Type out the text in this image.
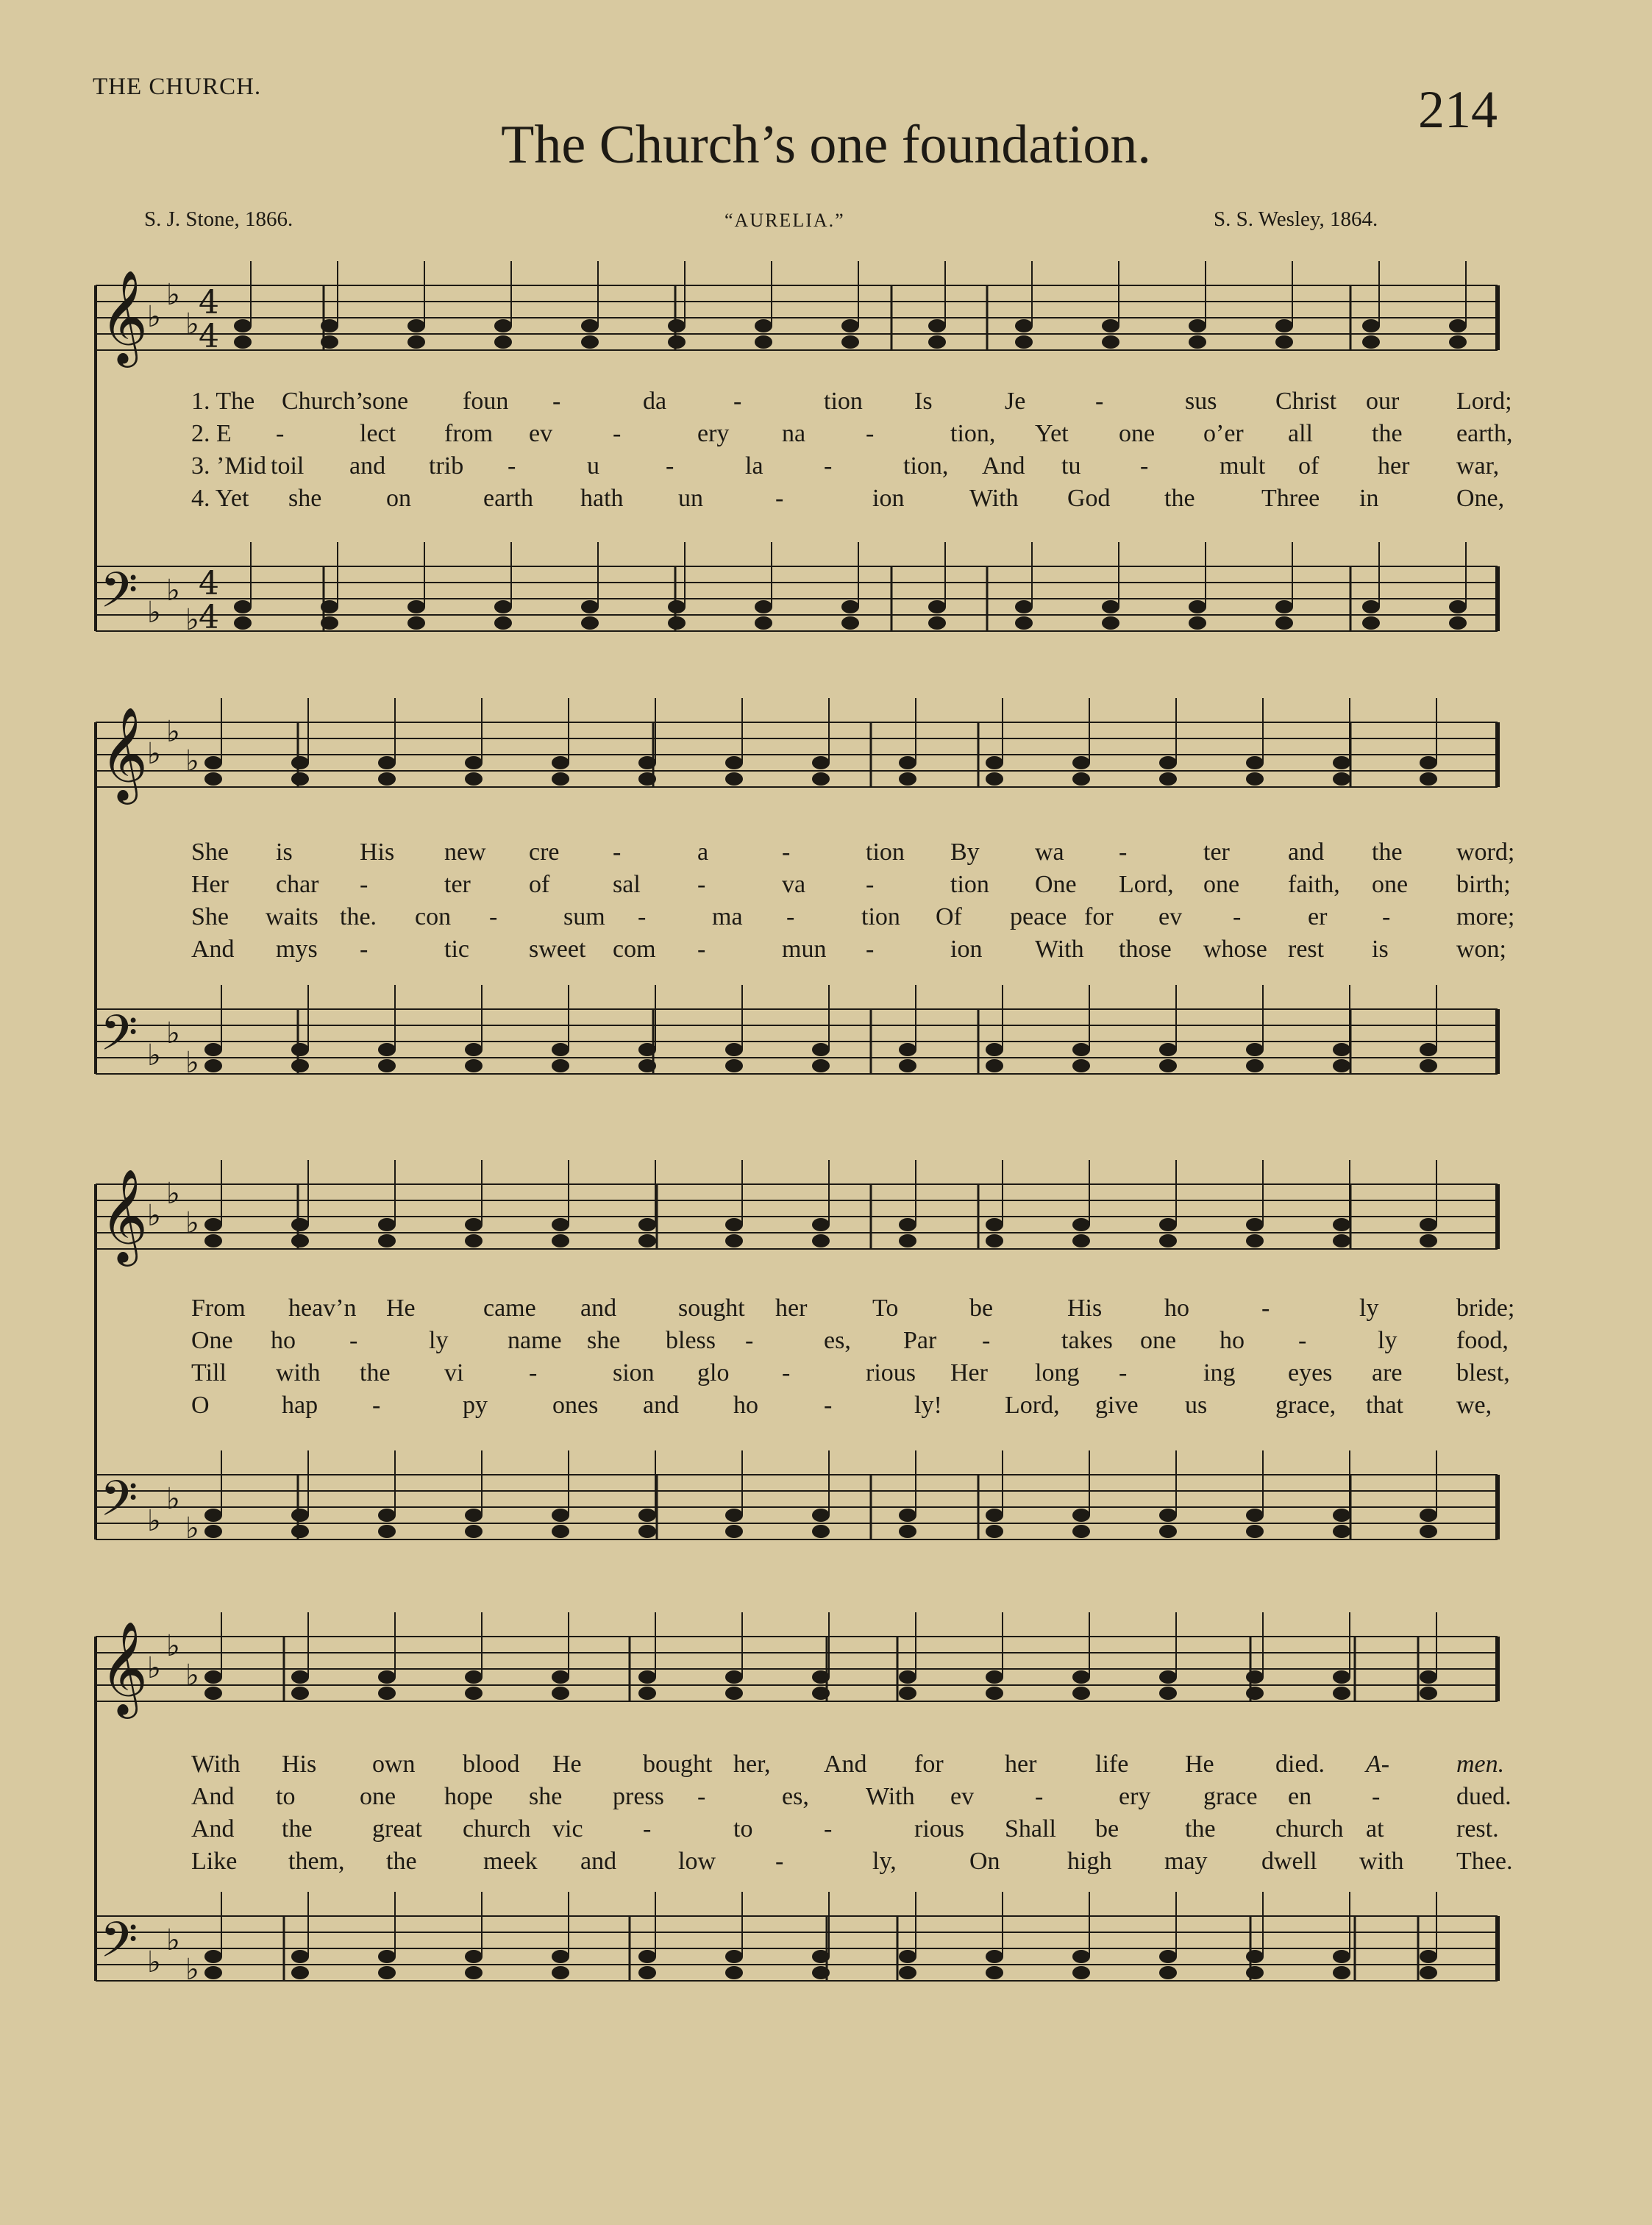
THE CHURCH.	214
The Church’s one foundation.
S. J. Stone, 1866.	“AURELIA.”	S. S. Wesley, 1864.
𝄞
𝄢
♭
♭
♭
♭
♭
♭
4
4
4
4
1. The Church’s one foun -	da	-	tion Is	Je	-	sus Christ our Lord;
2. E -	lect from ev -	ery na -	tion, Yet one o’er all the earth,
3. ’Mid toil and trib -	u	-	la -	tion, And tu -	mult of her war,
4. Yet she	on	earth hath un	-	ion	With God the	Three in	One,
𝄞
𝄢
♭
♭
♭
♭
♭
♭
She is	His new cre -	a	-	tion By wa -	ter and the word;
Her char -	ter of	sal -	va -	tion One Lord, one faith, one birth;
She waits the. con -	sum -	ma -	tion Of peace for ev -	er -	more;
And mys -	tic sweet com -	mun -	ion With those whose rest is	won;
𝄞
𝄢
♭
♭
♭
♭
♭
♭
From heav’n He	came and sought her	To	be	His ho	-	ly	bride;
One ho -	ly name she bless -	es, Par -	takes one ho -	ly food,
Till with the vi	-	sion glo -	rious Her long -	ing eyes are blest,
O	hap -	py	ones and ho	-	ly!	Lord, give us	grace, that we,
𝄞
𝄢
♭
♭
♭
♭
♭
♭
With His own blood He bought her, And for her life He died. A-	men.
And to	one hope she press -	es, With ev -	ery grace en -	dued.
And the great church vic -	to	-	rious Shall be	the church at	rest.
Like them, the	meek and low -	ly,	On	high may dwell with Thee.
